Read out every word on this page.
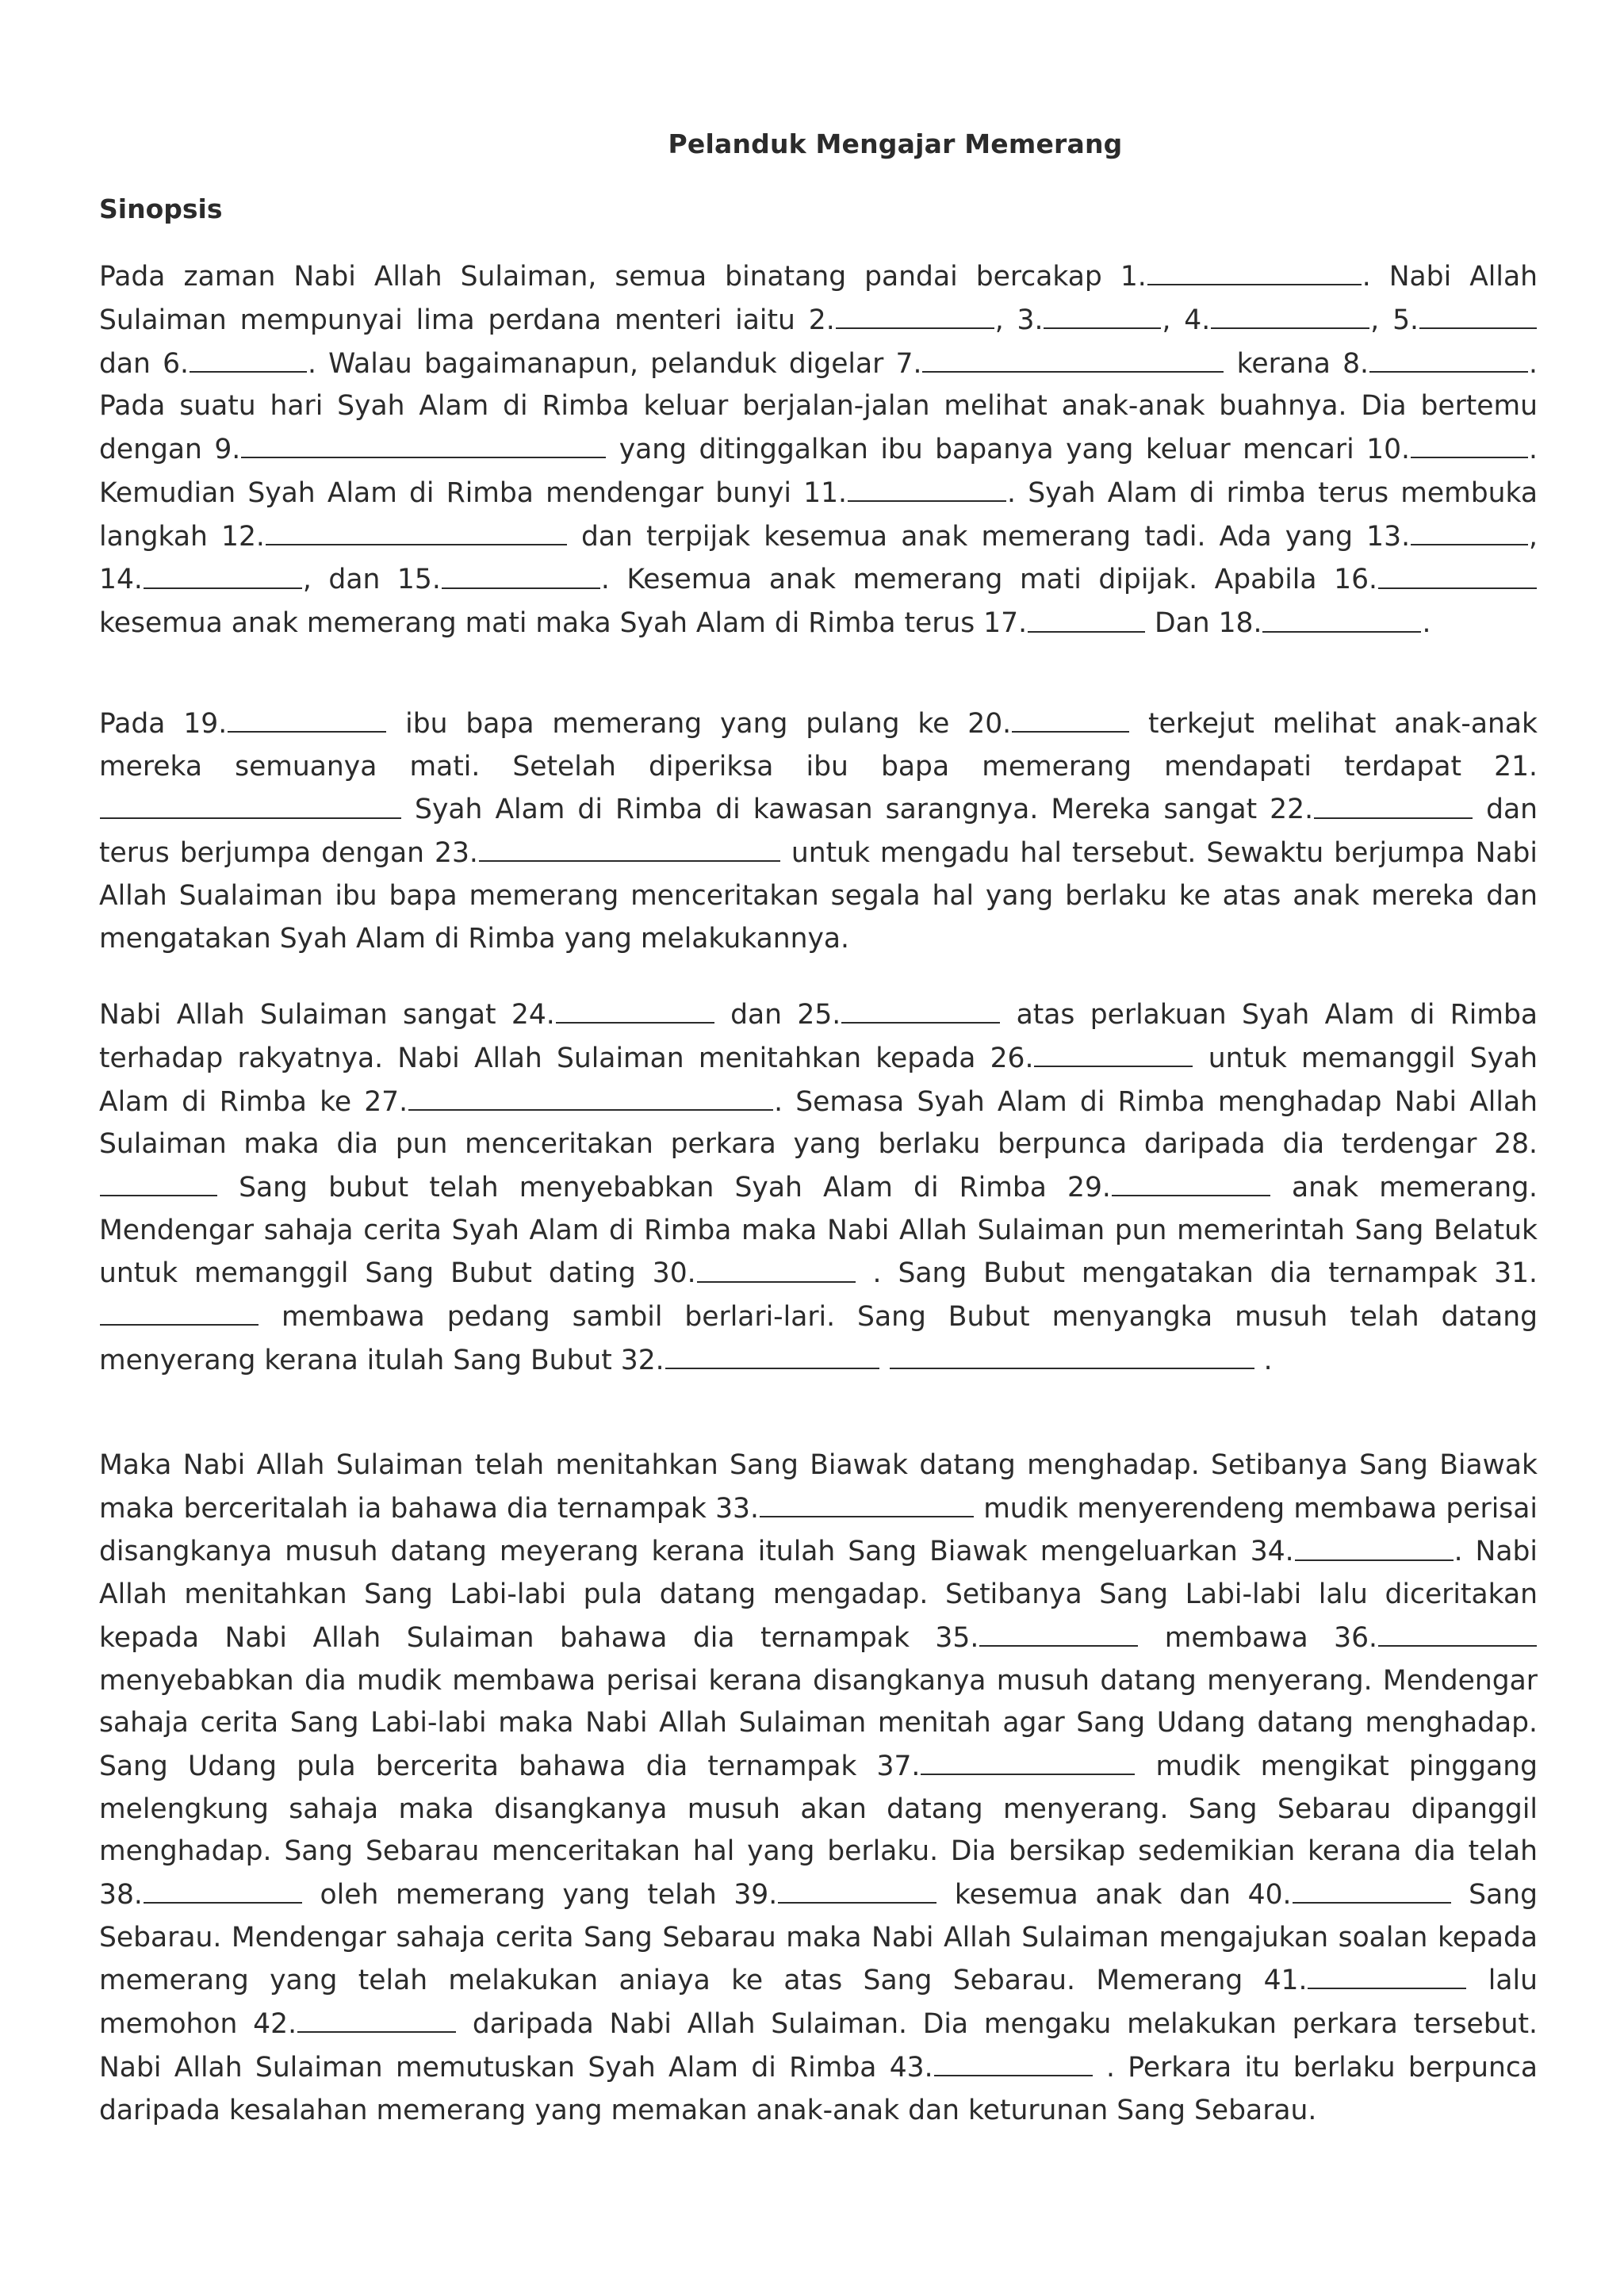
Pelanduk Mengajar Memerang
Sinopsis

Pada zaman Nabi Allah Sulaiman, semua binatang pandai bercakap 1.	. Nabi Allah Sulaiman mempunyai lima perdana menteri iaitu 2.	, 3.	, 4.	, 5.dan 6.	. Walau bagaimanapun, pelanduk digelar 7.	kerana 8.	. Pada suatu hari Syah Alam di Rimba keluar berjalan-jalan melihat anak-anak buahnya. Dia bertemu dengan 9.	yang ditinggalkan ibu bapanya yang keluar mencari 10.	. Kemudian Syah Alam di Rimba mendengar bunyi 11.	. Syah Alam di rimba terus membuka langkah 12.	dan terpijak kesemua anak memerang tadi. Ada yang 13.	, 14.	, dan 15.	. Kesemua anak memerang mati dipijak. Apabila 16. kesemua anak memerang mati maka Syah Alam di Rimba terus 17.	Dan 18.	.

Pada 19.	ibu bapa memerang yang pulang ke 20.	terkejut melihat anak-anak mereka semuanya mati. Setelah diperiksa ibu bapa memerang mendapati terdapat 21. Syah Alam di Rimba di kawasan sarangnya. Mereka sangat 22.	dan terus berjumpa dengan 23.	untuk mengadu hal tersebut. Sewaktu berjumpa Nabi Allah Sualaiman ibu bapa memerang menceritakan segala hal yang berlaku ke atas anak mereka dan mengatakan Syah Alam di Rimba yang melakukannya.

Nabi Allah Sulaiman sangat 24.	dan 25.	atas perlakuan Syah Alam di Rimba terhadap rakyatnya. Nabi Allah Sulaiman menitahkan kepada 26.	untuk memanggil Syah Alam di Rimba ke 27.	. Semasa Syah Alam di Rimba menghadap Nabi Allah Sulaiman maka dia pun menceritakan perkara yang berlaku berpunca daripada dia terdengar 28. Sang bubut telah menyebabkan Syah Alam di Rimba 29.	anak memerang. Mendengar sahaja cerita Syah Alam di Rimba maka Nabi Allah Sulaiman pun memerintah Sang Belatuk untuk memanggil Sang Bubut dating 30.	. Sang Bubut mengatakan dia ternampak 31. membawa pedang sambil berlari-lari. Sang Bubut menyangka musuh telah datang menyerang kerana itulah Sang Bubut 32.	.

Maka Nabi Allah Sulaiman telah menitahkan Sang Biawak datang menghadap. Setibanya Sang Biawak maka berceritalah ia bahawa dia ternampak 33.	mudik menyerendeng membawa perisai disangkanya musuh datang meyerang kerana itulah Sang Biawak mengeluarkan 34.	. Nabi Allah menitahkan Sang Labi-labi pula datang mengadap. Setibanya Sang Labi-labi lalu diceritakan kepada Nabi Allah Sulaiman bahawa dia ternampak 35.	membawa 36. menyebabkan dia mudik membawa perisai kerana disangkanya musuh datang menyerang. Mendengar sahaja cerita Sang Labi-labi maka Nabi Allah Sulaiman menitah agar Sang Udang datang menghadap. Sang Udang pula bercerita bahawa dia ternampak 37.	mudik mengikat pinggang melengkung sahaja maka disangkanya musuh akan datang menyerang. Sang Sebarau dipanggil menghadap. Sang Sebarau menceritakan hal yang berlaku. Dia bersikap sedemikian kerana dia telah 38.	oleh memerang yang telah 39.	kesemua anak dan 40.	Sang Sebarau. Mendengar sahaja cerita Sang Sebarau maka Nabi Allah Sulaiman mengajukan soalan kepada memerang yang telah melakukan aniaya ke atas Sang Sebarau. Memerang 41.	lalu memohon 42.	daripada Nabi Allah Sulaiman. Dia mengaku melakukan perkara tersebut. Nabi Allah Sulaiman memutuskan Syah Alam di Rimba 43.	. Perkara itu berlaku berpunca daripada kesalahan memerang yang memakan anak-anak dan keturunan Sang Sebarau.
